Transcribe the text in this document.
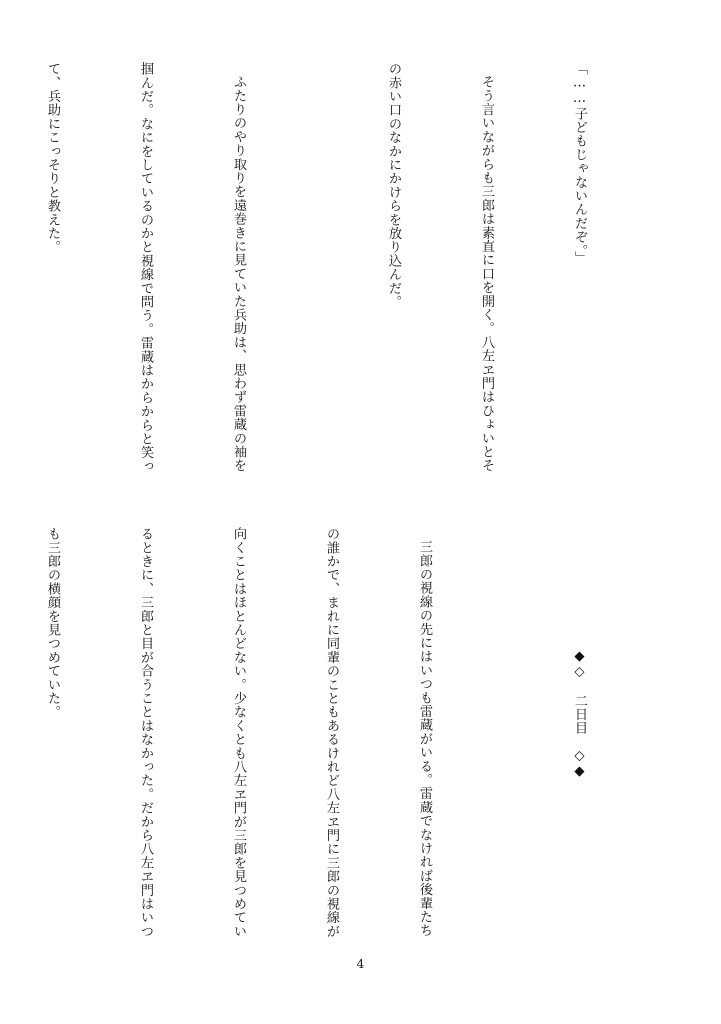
「……子どもじゃないんだぞ。」

そう言いながらも三郎は素直に口を開く。八左ヱ門はひょいとそ

の赤い口のなかにかけらを放り込んだ。

ふたりのやり取りを遠巻きに見ていた兵助は、思わず雷蔵の袖を

掴んだ。なにをしているのかと視線で問う。雷蔵はからからと笑っ

て、兵助にこっそりと教えた。

◆◇　二日目　◇◆

三郎の視線の先にはいつも雷蔵がいる。雷蔵でなければ後輩たち

の誰かで、まれに同輩のこともあるけれど八左ヱ門に三郎の視線が

向くことはほとんどない。少なくとも八左ヱ門が三郎を見つめてい

るときに、三郎と目が合うことはなかった。だから八左ヱ門はいつ

も三郎の横顔を見つめていた。

4
